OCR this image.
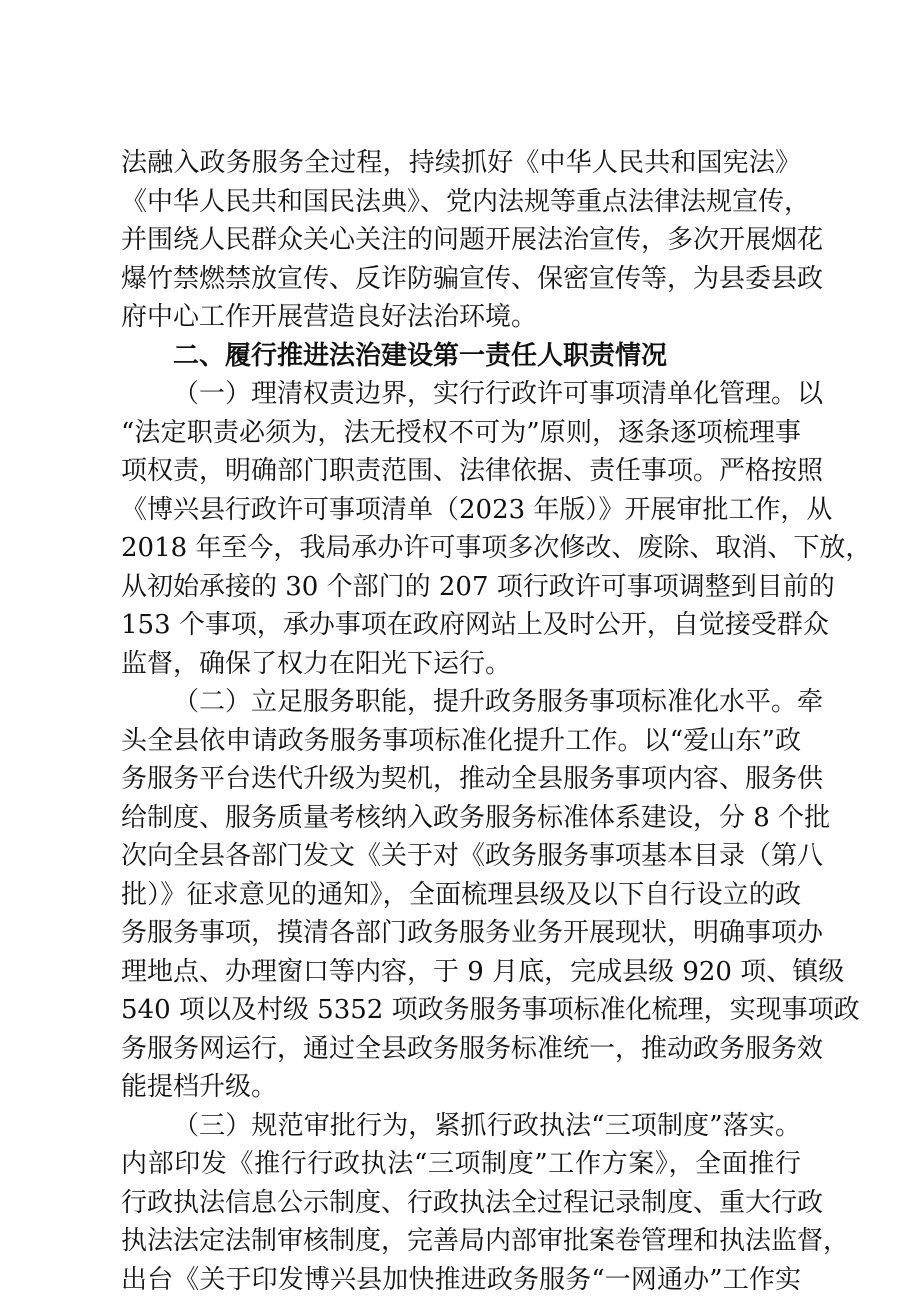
法融入政务服务全过程，持续抓好《中华人民共和国宪法》
《中华人民共和国民法典》、党内法规等重点法律法规宣传，
并围绕人民群众关心关注的问题开展法治宣传，多次开展烟花
爆竹禁燃禁放宣传、反诈防骗宣传、保密宣传等，为县委县政
府中心工作开展营造良好法治环境。
二、履行推进法治建设第一责任人职责情况
（一）理清权责边界，实行行政许可事项清单化管理。以
“法定职责必须为，法无授权不可为”原则，逐条逐项梳理事
项权责，明确部门职责范围、法律依据、责任事项。严格按照
《博兴县行政许可事项清单（2023 年版）》开展审批工作，从
2018 年至今，我局承办许可事项多次修改、废除、取消、下放，
从初始承接的 30 个部门的 207 项行政许可事项调整到目前的
153 个事项，承办事项在政府网站上及时公开，自觉接受群众
监督，确保了权力在阳光下运行。
（二）立足服务职能，提升政务服务事项标准化水平。牵
头全县依申请政务服务事项标准化提升工作。以“爱山东”政
务服务平台迭代升级为契机，推动全县服务事项内容、服务供
给制度、服务质量考核纳入政务服务标准体系建设，分 8 个批
次向全县各部门发文《关于对《政务服务事项基本目录（第八
批）》征求意见的通知》，全面梳理县级及以下自行设立的政
务服务事项，摸清各部门政务服务业务开展现状，明确事项办
理地点、办理窗口等内容，于 9 月底，完成县级 920 项、镇级
540 项以及村级 5352 项政务服务事项标准化梳理，实现事项政
务服务网运行，通过全县政务服务标准统一，推动政务服务效
能提档升级。
（三）规范审批行为，紧抓行政执法“三项制度”落实。
内部印发《推行行政执法“三项制度”工作方案》，全面推行
行政执法信息公示制度、行政执法全过程记录制度、重大行政
执法法定法制审核制度，完善局内部审批案卷管理和执法监督，
出台《关于印发博兴县加快推进政务服务“一网通办”工作实
